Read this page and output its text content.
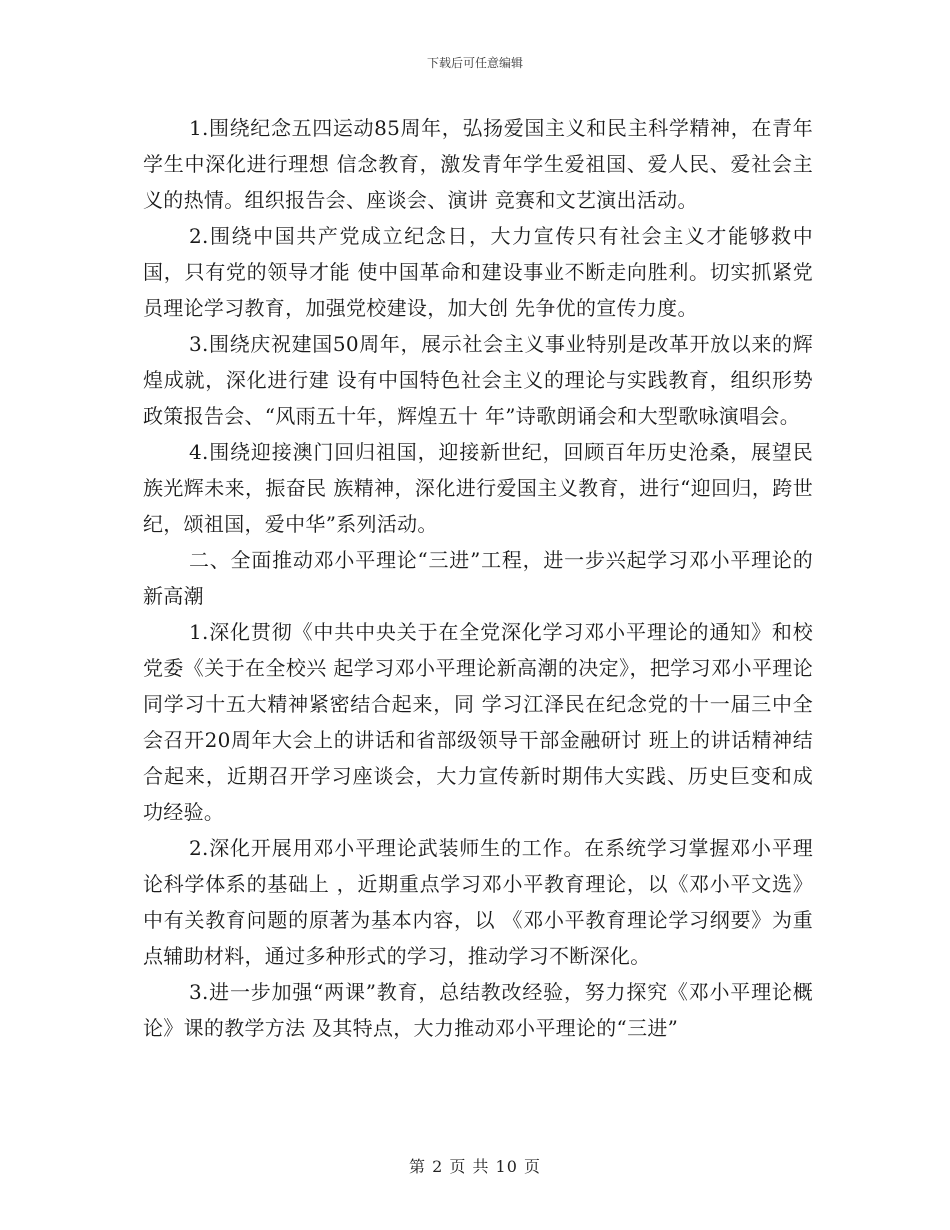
下载后可任意编辑

1.围绕纪念五四运动85周年，弘扬爱国主义和民主科学精神，在青年学生中深化进行理想 信念教育，激发青年学生爱祖国、爱人民、爱社会主义的热情。组织报告会、座谈会、演讲 竞赛和文艺演出活动。

2.围绕中国共产党成立纪念日，大力宣传只有社会主义才能够救中国，只有党的领导才能 使中国革命和建设事业不断走向胜利。切实抓紧党员理论学习教育，加强党校建设，加大创 先争优的宣传力度。

3.围绕庆祝建国50周年，展示社会主义事业特别是改革开放以来的辉煌成就，深化进行建 设有中国特色社会主义的理论与实践教育，组织形势政策报告会、“风雨五十年，辉煌五十 年”诗歌朗诵会和大型歌咏演唱会。

4.围绕迎接澳门回归祖国，迎接新世纪，回顾百年历史沧桑，展望民族光辉未来，振奋民 族精神，深化进行爱国主义教育，进行“迎回归，跨世纪，颂祖国，爱中华”系列活动。

二、全面推动邓小平理论“三进”工程，进一步兴起学习邓小平理论的新高潮

1.深化贯彻《中共中央关于在全党深化学习邓小平理论的通知》和校党委《关于在全校兴 起学习邓小平理论新高潮的决定》，把学习邓小平理论同学习十五大精神紧密结合起来，同 学习江泽民在纪念党的十一届三中全会召开20周年大会上的讲话和省部级领导干部金融研讨 班上的讲话精神结合起来，近期召开学习座谈会，大力宣传新时期伟大实践、历史巨变和成 功经验。

2.深化开展用邓小平理论武装师生的工作。在系统学习掌握邓小平理论科学体系的基础上 ，近期重点学习邓小平教育理论，以《邓小平文选》中有关教育问题的原著为基本内容，以 《邓小平教育理论学习纲要》为重点辅助材料，通过多种形式的学习，推动学习不断深化。

3.进一步加强“两课”教育，总结教改经验，努力探究《邓小平理论概论》课的教学方法 及其特点，大力推动邓小平理论的“三进”

第 2 页 共 10 页
